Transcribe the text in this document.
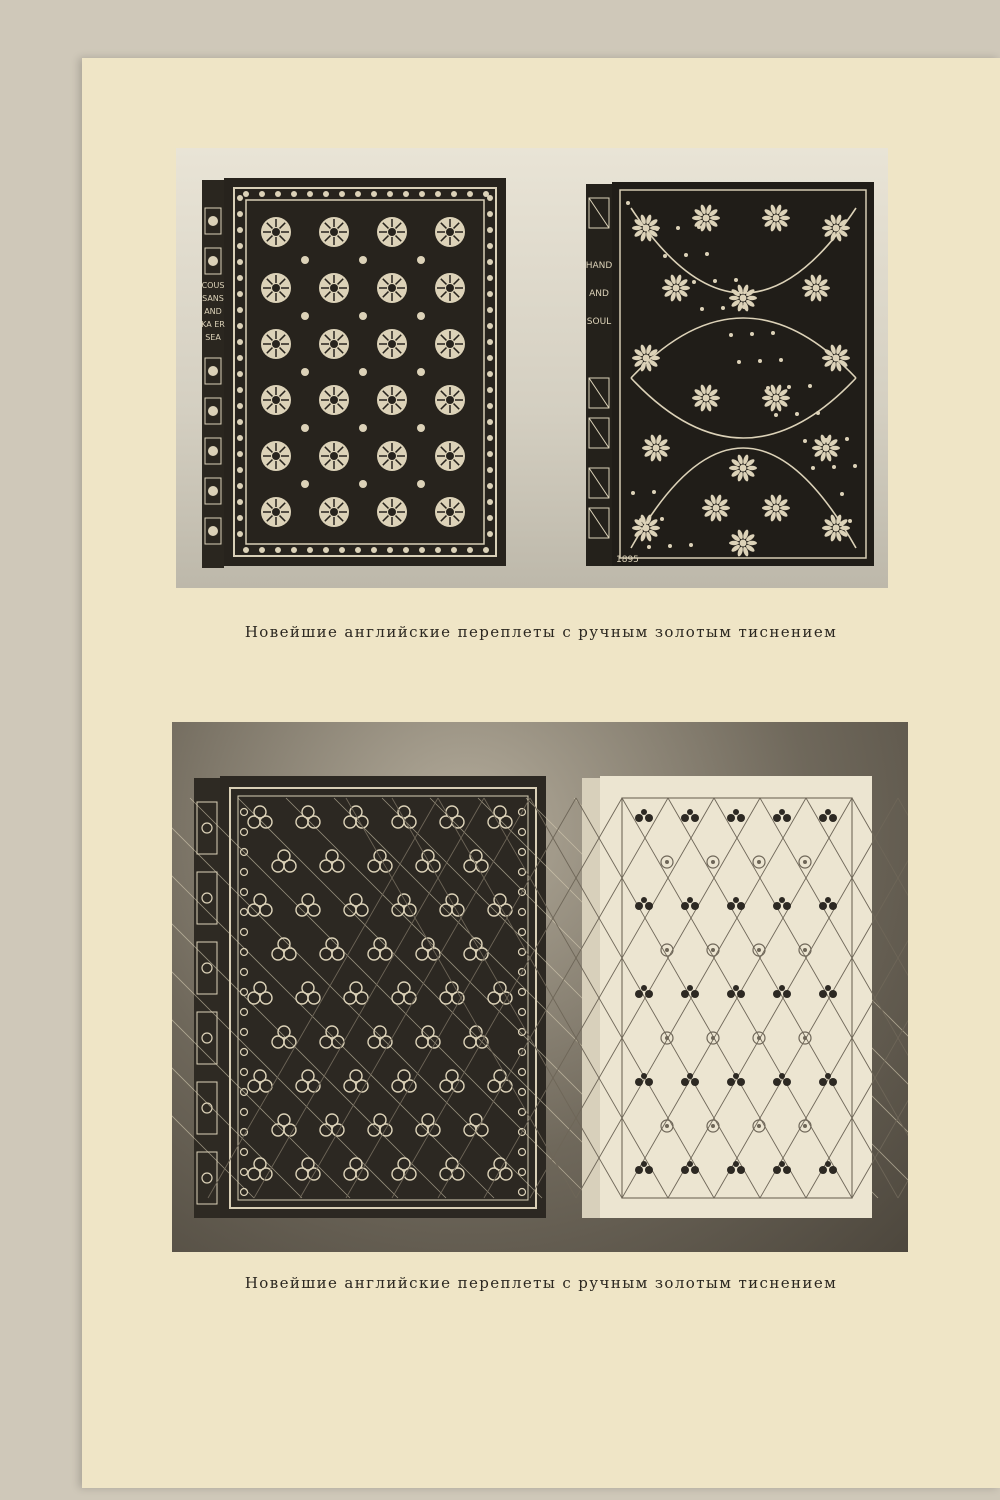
COUS
SANS
AND
KA ER
SEA
1895
HAND
AND
SOUL
Новейшие английские переплеты с ручным золотым тиснением
Новейшие английские переплеты с ручным золотым тиснением
